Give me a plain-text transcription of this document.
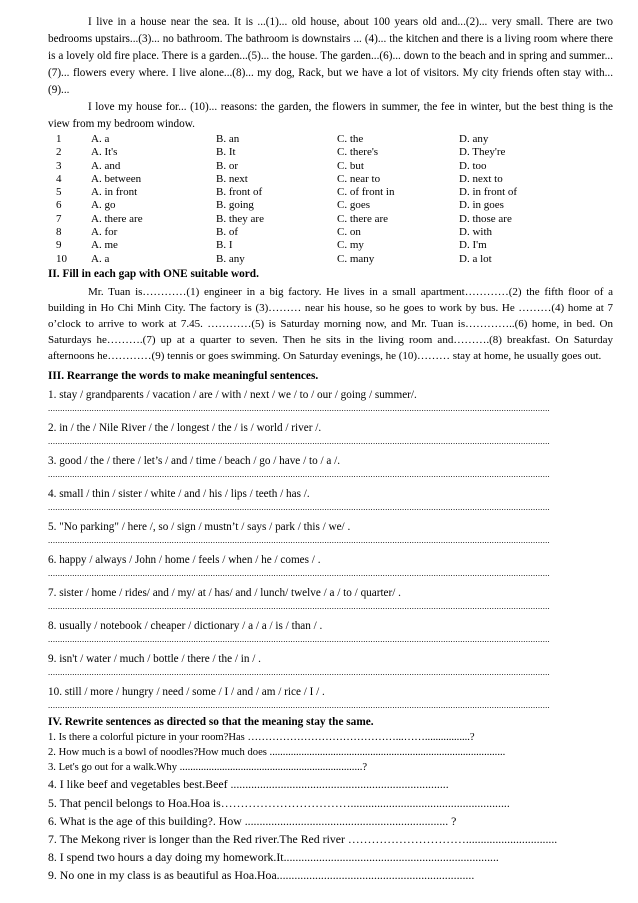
I live in a house near the sea. It is ...(1)... old house, about 100 years old and...(2)... very small. There are two bedrooms upstairs...(3)... no bathroom. The bathroom is downstairs ... (4)... the kitchen and there is a living room where there is a lovely old fire place. There is a garden...(5)... the house. The garden...(6)... down to the beach and in spring and summer...(7)... flowers every where. I live alone...(8)... my dog, Rack, but we have a lot of visitors. My city friends often stay with...(9)...

I love my house for... (10)... reasons: the garden, the flowers in summer, the fee in winter, but the best thing is the view from my bedroom window.

1	A. a	B. an	C. the	D. any
2	A. It's	B. It	C. there's	D. They're
3	A. and	B. or	C. but	D. too
4	A. between	B. next	C. near to	D. next to
5	A. in front	B. front of	C. of front in	D. in front of
6	A. go	B. going	C. goes	D. in goes
7	A. there are	B. they are	C. there are	D. those are
8	A. for	B. of	C. on	D. with
9	A. me	B. I	C. my	D. I'm
10	A. a	B. any	C. many	D. a lot
II. Fill in each gap with ONE suitable word.

Mr. Tuan is…………(1) engineer in a big factory. He lives in a small apartment…………(2) the fifth floor of a building in Ho Chi Minh City. The factory is (3)……… near his house, so he goes to work by bus. He ………(4) home at 7 o’clock to arrive to work at 7.45. …………(5) is Saturday morning now, and Mr. Tuan is…………..(6) home, in bed. On Saturdays he……….(7) up at a quarter to seven. Then he sits in the living room and……….(8) breakfast. On Saturday afternoons he…………(9) tennis or goes swimming. On Saturday evenings, he (10)……… stay at home, he usually goes out.

III. Rearrange the words to make meaningful sentences.
1. stay / grandparents / vacation / are / with / next / we / to / our / going / summer/.
...............................................................................................................................................................................................................
2. in / the / Nile River / the / longest / the / is / world / river /.
...............................................................................................................................................................................................................
3. good / the / there / let’s / and / time / beach / go / have / to / a /.
...............................................................................................................................................................................................................
4. small / thin / sister / white / and / his / lips / teeth / has /.
...............................................................................................................................................................................................................
5. "No parking" / here /, so / sign / mustn’t / says / park / this / we/ .
...............................................................................................................................................................................................................
6. happy / always / John / home / feels / when / he / comes / .
...............................................................................................................................................................................................................
7. sister / home / rides/ and / my/ at / has/ and / lunch/ twelve / a / to / quarter/ .
...............................................................................................................................................................................................................
8. usually / notebook / cheaper / dictionary / a / a / is / than / .
...............................................................................................................................................................................................................
9. isn't / water / much / bottle / there / the / in / .
...............................................................................................................................................................................................................
10. still / more / hungry / need / some / I / and / am / rice / I / .
...............................................................................................................................................................................................................
IV. Rewrite sentences as directed so that the meaning stay the same.
1. Is there a colorful picture in your room?Has ……………………………………...…….................?
2. How much is a bowl of noodles?How much does .........................................................................................
3. Let's go out for a walk.Why .....................................................................?
4. I like beef and vegetables best.Beef ..........................................................................
5. That pencil belongs to Hoa.Hoa is……………………………......................................................
6. What is the age of this building?. How ..................................................................... ?
7. The Mekong river is longer than the Red river.The Red river …………………………...............................
8. I spend two hours a day doing my homework.It.........................................................................
9. No one in my class is as beautiful as Hoa.Hoa...................................................................
